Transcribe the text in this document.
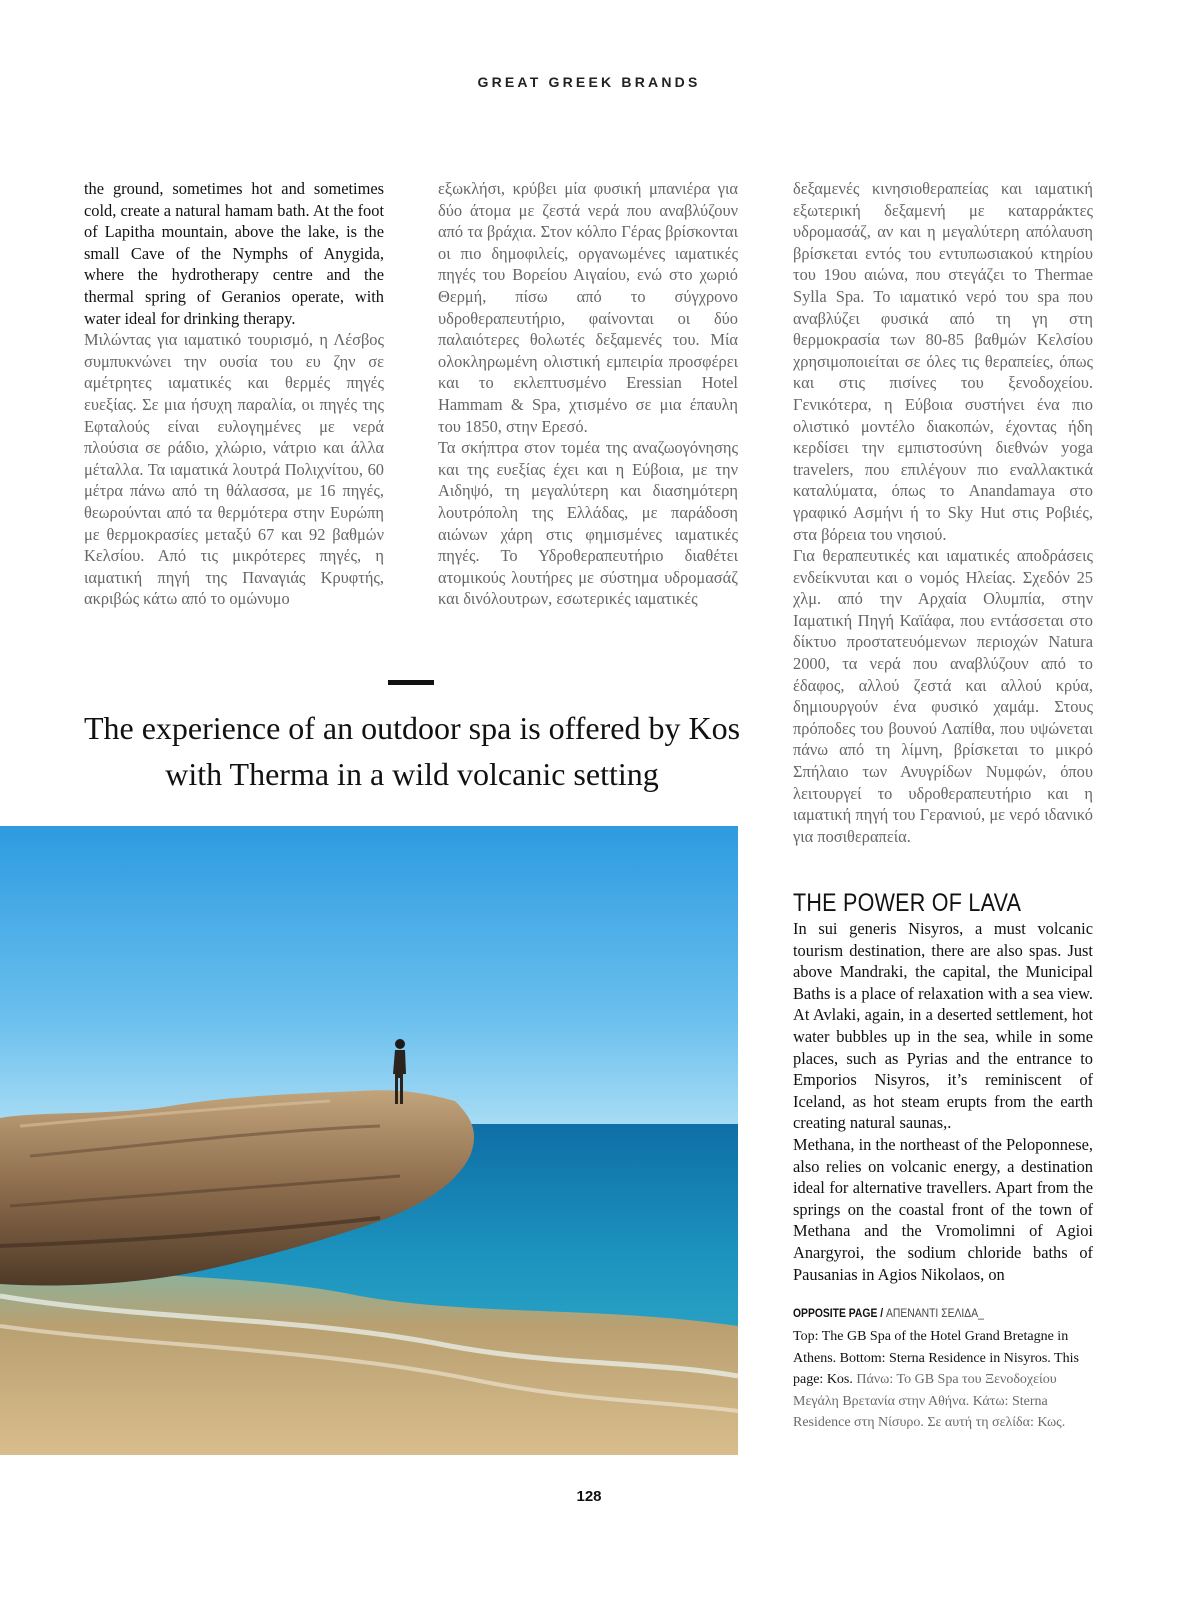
GREAT GREEK BRANDS

the ground, sometimes hot and sometimes cold, create a natural hamam bath. At the foot of Lapitha mountain, above the lake, is the small Cave of the Nymphs of Anygida, where the hydrotherapy centre and the thermal spring of Geranios operate, with water ideal for drinking therapy.

Μιλώντας για ιαματικό τουρισμό, η Λέσβος συμπυκνώνει την ουσία του ευ ζην σε αμέτρητες ιαματικές και θερμές πηγές ευεξίας. Σε μια ήσυχη παραλία, οι πηγές της Εφταλούς είναι ευλογημένες με νερά πλούσια σε ράδιο, χλώριο, νάτριο και άλλα μέταλλα. Τα ιαματικά λουτρά Πολιχνίτου, 60 μέτρα πάνω από τη θάλασσα, με 16 πηγές, θεωρούνται από τα θερμότερα στην Ευρώπη με θερμοκρασίες μεταξύ 67 και 92 βαθμών Κελσίου. Από τις μικρότερες πηγές, η ιαματική πηγή της Παναγιάς Κρυφτής, ακριβώς κάτω από το ομώνυμο

εξωκλήσι, κρύβει μία φυσική μπανιέρα για δύο άτομα με ζεστά νερά που αναβλύζουν από τα βράχια. Στον κόλπο Γέρας βρίσκονται οι πιο δημοφιλείς, οργανωμένες ιαματικές πηγές του Βορείου Αιγαίου, ενώ στο χωριό Θερμή, πίσω από το σύγχρονο υδροθεραπευτήριο, φαίνονται οι δύο παλαιότερες θολωτές δεξαμενές του. Μία ολοκληρωμένη ολιστική εμπειρία προσφέρει και το εκλεπτυσμένο Eressian Hotel Hammam & Spa, χτισμένο σε μια έπαυλη του 1850, στην Ερεσό.

Τα σκήπτρα στον τομέα της αναζωογόνησης και της ευεξίας έχει και η Εύβοια, με την Αιδηψό, τη μεγαλύτερη και διασημότερη λουτρόπολη της Ελλάδας, με παράδοση αιώνων χάρη στις φημισμένες ιαματικές πηγές. Το Υδροθεραπευτήριο διαθέτει ατομικούς λουτήρες με σύστημα υδρομασάζ και δινόλουτρων, εσωτερικές ιαματικές

δεξαμενές κινησιοθεραπείας και ιαματική εξωτερική δεξαμενή με καταρράκτες υδρομασάζ, αν και η μεγαλύτερη απόλαυση βρίσκεται εντός του εντυπωσιακού κτηρίου του 19ου αιώνα, που στεγάζει το Thermae Sylla Spa. Το ιαματικό νερό του spa που αναβλύζει φυσικά από τη γη στη θερμοκρασία των 80-85 βαθμών Κελσίου χρησιμοποιείται σε όλες τις θεραπείες, όπως και στις πισίνες του ξενοδοχείου. Γενικότερα, η Εύβοια συστήνει ένα πιο ολιστικό μοντέλο διακοπών, έχοντας ήδη κερδίσει την εμπιστοσύνη διεθνών yoga travelers, που επιλέγουν πιο εναλλακτικά καταλύματα, όπως το Anandamaya στο γραφικό Ασμήνι ή το Sky Hut στις Ροβιές, στα βόρεια του νησιού.

Για θεραπευτικές και ιαματικές αποδράσεις ενδείκνυται και ο νομός Ηλείας. Σχεδόν 25 χλμ. από την Αρχαία Ολυμπία, στην Ιαματική Πηγή Καϊάφα, που εντάσσεται στο δίκτυο προστατευόμενων περιοχών Natura 2000, τα νερά που αναβλύζουν από το έδαφος, αλλού ζεστά και αλλού κρύα, δημιουργούν ένα φυσικό χαμάμ. Στους πρόποδες του βουνού Λαπίθα, που υψώνεται πάνω από τη λίμνη, βρίσκεται το μικρό Σπήλαιο των Ανυγρίδων Νυμφών, όπου λειτουργεί το υδροθεραπευτήριο και η ιαματική πηγή του Γερανιού, με νερό ιδανικό για ποσιθεραπεία.

The experience of an outdoor spa is offered by Kos with Therma in a wild volcanic setting
THE POWER OF LAVA

In sui generis Nisyros, a must volcanic tourism destination, there are also spas. Just above Mandraki, the capital, the Municipal Baths is a place of relaxation with a sea view. At Avlaki, again, in a deserted settlement, hot water bubbles up in the sea, while in some places, such as Pyrias and the entrance to Emporios Nisyros, it’s reminiscent of Iceland, as hot steam erupts from the earth creating natural saunas,.

Methana, in the northeast of the Peloponnese, also relies on volcanic energy, a destination ideal for alternative travellers. Apart from the springs on the coastal front of the town of Methana and the Vromolimni of Agioi Anargyroi, the sodium chloride baths of Pausanias in Agios Nikolaos, on

OPPOSITE PAGE / ΑΠΕΝΑΝΤΙ ΣΕΛΙΔΑ_
Top: The GB Spa of the Hotel Grand Bretagne in Athens. Bottom: Sterna Residence in Nisyros. This page: Kos. Πάνω: Το GB Spa του Ξενοδοχείου Μεγάλη Βρετανία στην Αθήνα. Κάτω: Sterna Residence στη Νίσυρο. Σε αυτή τη σελίδα: Κως.
128
